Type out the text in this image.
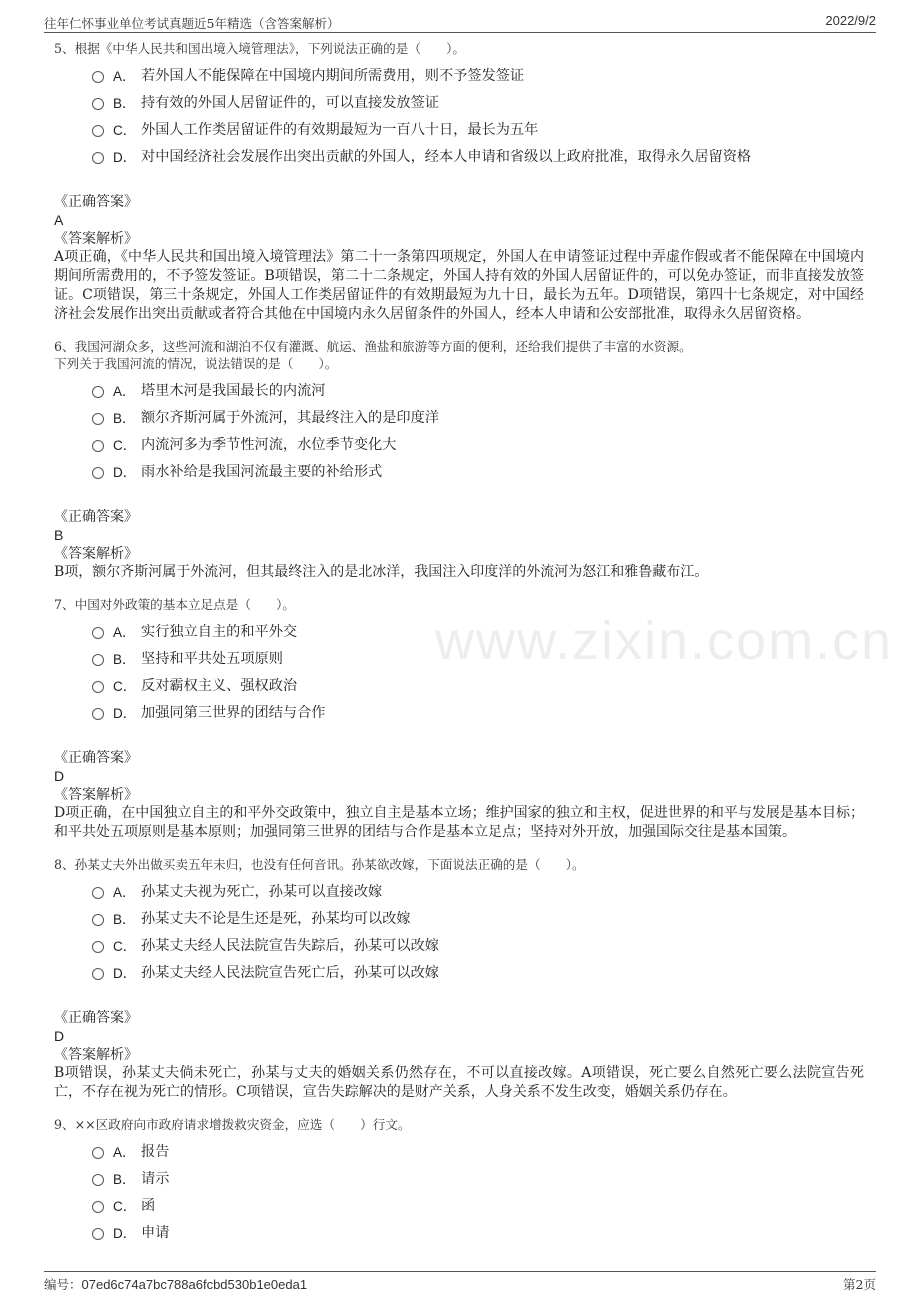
往年仁怀事业单位考试真题近5年精选（含答案解析）	2022/9/2
www.zixin.com.cn
5、根据《中华人民共和国出境入境管理法》，下列说法正确的是（　　）。
A． 若外国人不能保障在中国境内期间所需费用，则不予签发签证
B． 持有效的外国人居留证件的，可以直接发放签证
C． 外国人工作类居留证件的有效期最短为一百八十日，最长为五年
D． 对中国经济社会发展作出突出贡献的外国人，经本人申请和省级以上政府批准，取得永久居留资格
《正确答案》
A
《答案解析》
A项正确，《中华人民共和国出境入境管理法》第二十一条第四项规定，外国人在申请签证过程中弄虚作假或者不能保障在中国境内期间所需费用的，不予签发签证。B项错误，第二十二条规定，外国人持有效的外国人居留证件的，可以免办签证，而非直接发放签证。C项错误，第三十条规定，外国人工作类居留证件的有效期最短为九十日，最长为五年。D项错误，第四十七条规定，对中国经济社会发展作出突出贡献或者符合其他在中国境内永久居留条件的外国人，经本人申请和公安部批准，取得永久居留资格。
6、我国河湖众多，这些河流和湖泊不仅有灌溉、航运、渔盐和旅游等方面的便利，还给我们提供了丰富的水资源。
下列关于我国河流的情况，说法错误的是（　　）。
A． 塔里木河是我国最长的内流河
B． 额尔齐斯河属于外流河，其最终注入的是印度洋
C． 内流河多为季节性河流，水位季节变化大
D． 雨水补给是我国河流最主要的补给形式
《正确答案》
B
《答案解析》
B项，额尔齐斯河属于外流河，但其最终注入的是北冰洋，我国注入印度洋的外流河为怒江和雅鲁藏布江。
7、中国对外政策的基本立足点是（　　）。
A． 实行独立自主的和平外交
B． 坚持和平共处五项原则
C． 反对霸权主义、强权政治
D． 加强同第三世界的团结与合作
《正确答案》
D
《答案解析》
D项正确，在中国独立自主的和平外交政策中，独立自主是基本立场；维护国家的独立和主权，促进世界的和平与发展是基本目标；和平共处五项原则是基本原则；加强同第三世界的团结与合作是基本立足点；坚持对外开放，加强国际交往是基本国策。
8、孙某丈夫外出做买卖五年未归，也没有任何音讯。孙某欲改嫁，下面说法正确的是（　　）。
A． 孙某丈夫视为死亡，孙某可以直接改嫁
B． 孙某丈夫不论是生还是死，孙某均可以改嫁
C． 孙某丈夫经人民法院宣告失踪后，孙某可以改嫁
D． 孙某丈夫经人民法院宣告死亡后，孙某可以改嫁
《正确答案》
D
《答案解析》
B项错误，孙某丈夫倘未死亡，孙某与丈夫的婚姻关系仍然存在，不可以直接改嫁。A项错误，死亡要么自然死亡要么法院宣告死亡，不存在视为死亡的情形。C项错误，宣告失踪解决的是财产关系，人身关系不发生改变，婚姻关系仍存在。
9、××区政府向市政府请求增拨救灾资金，应选（　　）行文。
A． 报告
B． 请示
C． 函
D． 申请
编号：07ed6c74a7bc788a6fcbd530b1e0eda1	第2页
